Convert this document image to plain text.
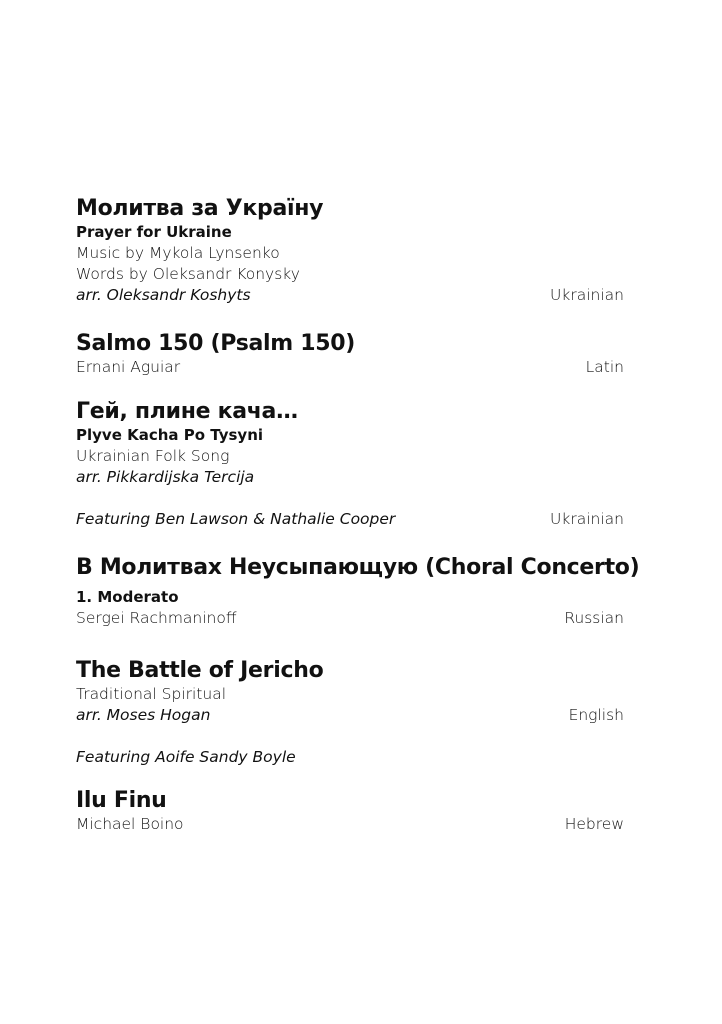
Молитва за Україну
Prayer for Ukraine
Music by Mykola Lynsenko
Words by Oleksandr Konysky
arr. Oleksandr Koshyts	Ukrainian
Salmo 150 (Psalm 150)
Ernani Aguiar	Latin
Гей, плине кача…
Plyve Kacha Po Tysyni
Ukrainian Folk Song
arr. Pikkardijska Tercija
Featuring Ben Lawson & Nathalie Cooper	Ukrainian
В Молитвах Неусыпающую (Choral Concerto)
1. Moderato
Sergei Rachmaninoff	Russian
The Battle of Jericho
Traditional Spiritual
arr. Moses Hogan	English
Featuring Aoife Sandy Boyle
Ilu Finu
Michael Boino	Hebrew
